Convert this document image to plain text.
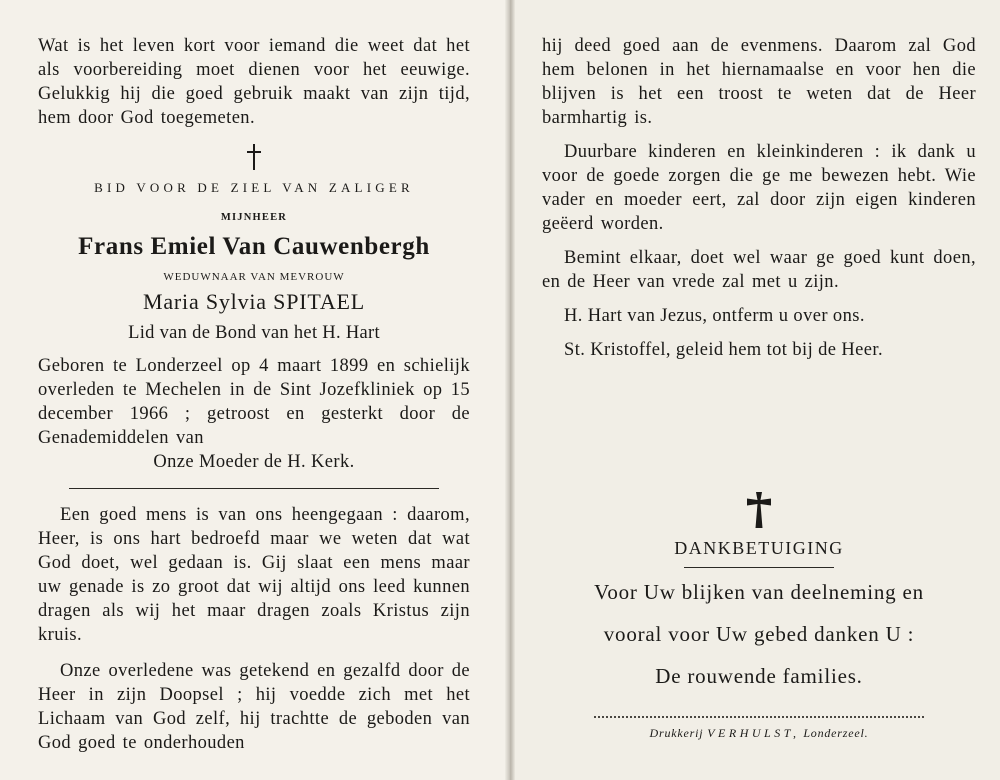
Wat is het leven kort voor iemand die weet dat het als voorbereiding moet dienen voor het eeuwige. Gelukkig hij die goed gebruik maakt van zijn tijd, hem door God toegemeten.

BID VOOR DE ZIEL VAN ZALIGER

MIJNHEER

Frans Emiel Van Cauwenbergh

WEDUWNAAR VAN MEVROUW

Maria Sylvia SPITAEL

Lid van de Bond van het H. Hart

Geboren te Londerzeel op 4 maart 1899 en schielijk overleden te Mechelen in de Sint Jozefkliniek op 15 december 1966 ; getroost en gesterkt door de Genademiddelen van

Onze Moeder de H. Kerk.

Een goed mens is van ons heengegaan : daarom, Heer, is ons hart bedroefd maar we weten dat wat God doet, wel gedaan is. Gij slaat een mens maar uw genade is zo groot dat wij altijd ons leed kunnen dragen als wij het maar dragen zoals Kristus zijn kruis.

Onze overledene was getekend en gezalfd door de Heer in zijn Doopsel ; hij voedde zich met het Lichaam van God zelf, hij trachtte de geboden van God goed te onderhouden

hij deed goed aan de evenmens. Daarom zal God hem belonen in het hiernamaalse en voor hen die blijven is het een troost te weten dat de Heer barmhartig is.

Duurbare kinderen en kleinkinderen : ik dank u voor de goede zorgen die ge me bewezen hebt. Wie vader en moeder eert, zal door zijn eigen kinderen geëerd worden.

Bemint elkaar, doet wel waar ge goed kunt doen, en de Heer van vrede zal met u zijn.

H. Hart van Jezus, ontferm u over ons.

St. Kristoffel, geleid hem tot bij de Heer.

DANKBETUIGING

Voor Uw blijken van deelneming en

vooral voor Uw gebed danken U :

De rouwende families.

Drukkerij VERHULST, Londerzeel.
